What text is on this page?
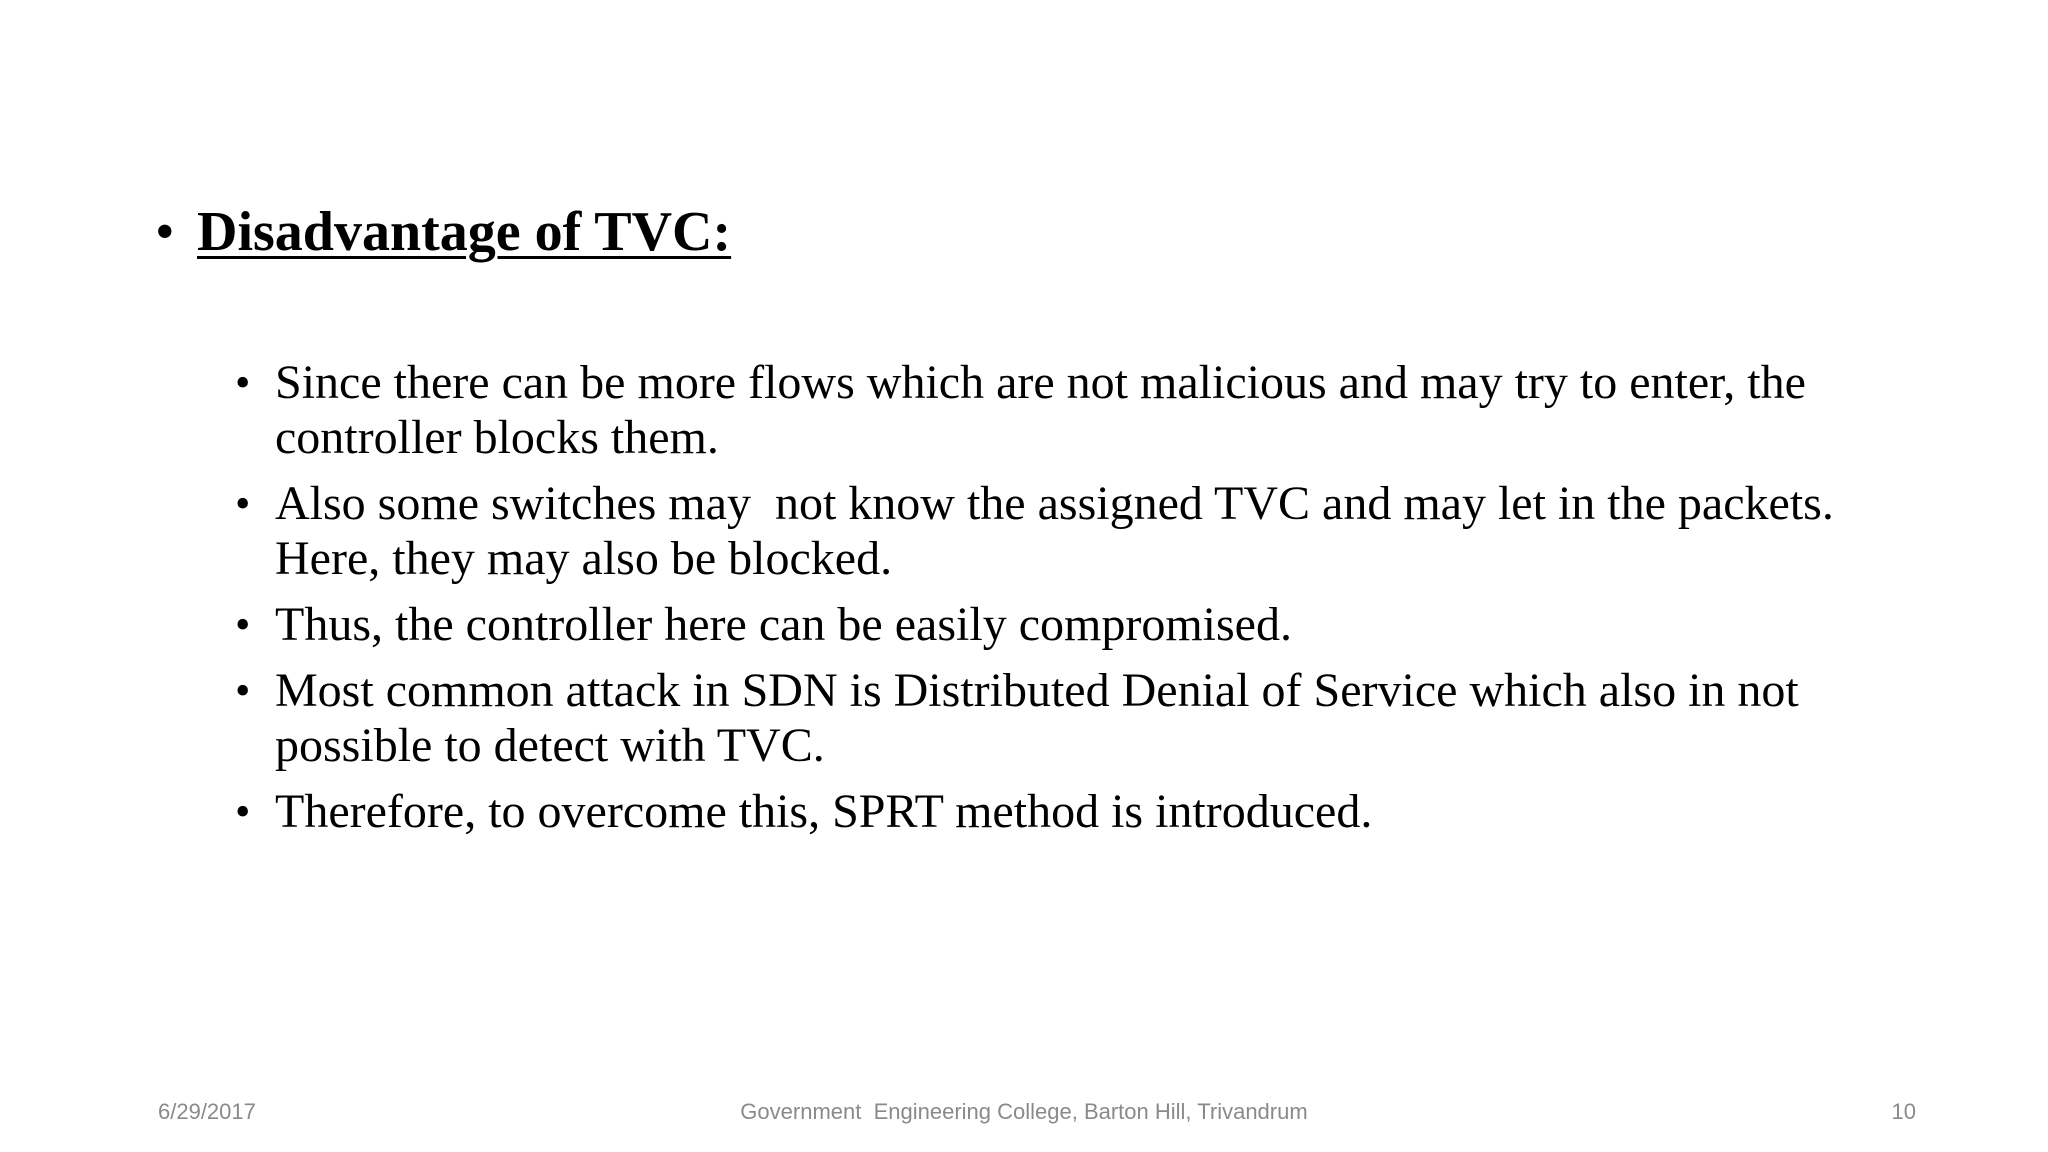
• Disadvantage of TVC:
• Since there can be more flows which are not malicious and may try to enter, the controller blocks them.
• Also some switches may  not know the assigned TVC and may let in the packets. Here, they may also be blocked.
• Thus, the controller here can be easily compromised.
• Most common attack in SDN is Distributed Denial of Service which also in not possible to detect with TVC.
• Therefore, to overcome this, SPRT method is introduced.
6/29/2017	Government  Engineering College, Barton Hill, Trivandrum	10
